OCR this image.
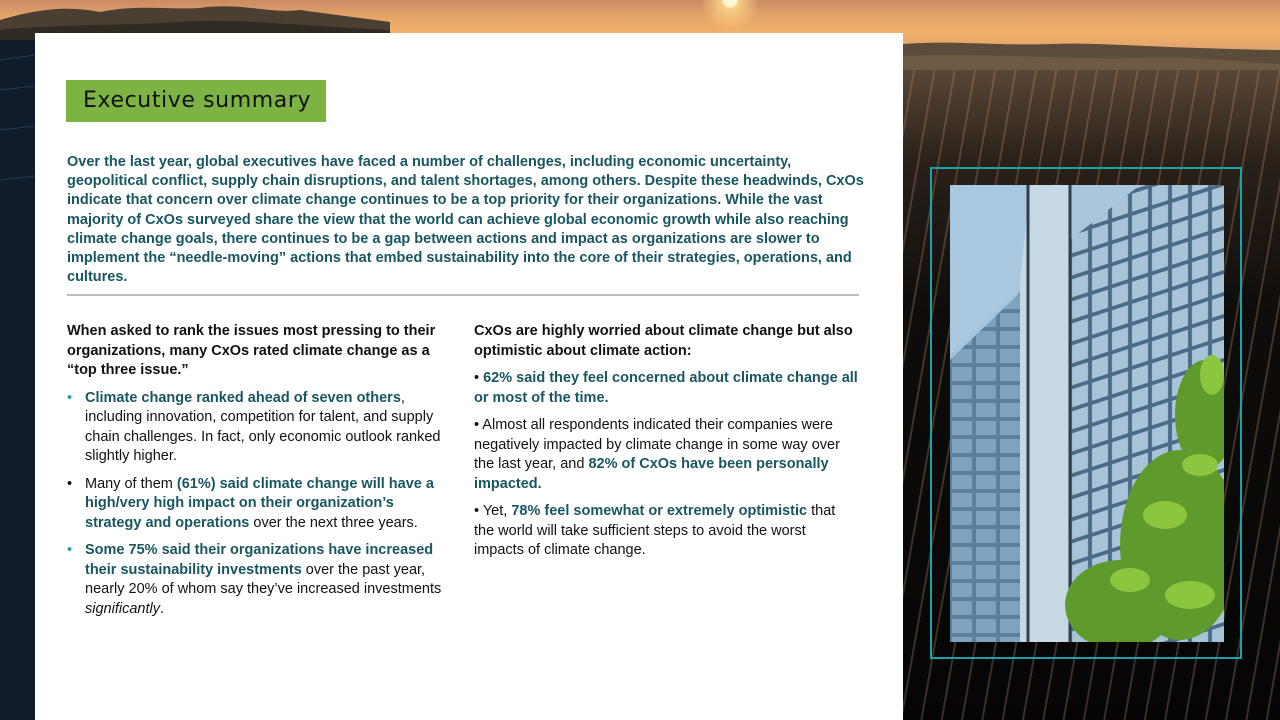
Executive summary

Over the last year, global executives have faced a number of challenges, including economic uncertainty, geopolitical conflict, supply chain disruptions, and talent shortages, among others. Despite these headwinds, CxOs indicate that concern over climate change continues to be a top priority for their organizations. While the vast majority of CxOs surveyed share the view that the world can achieve global economic growth while also reaching climate change goals, there continues to be a gap between actions and impact as organizations are slower to implement the “needle-moving” actions that embed sustainability into the core of their strategies, operations, and cultures.

When asked to rank the issues most pressing to their organizations, many CxOs rated climate change as a “top three issue.”

• Climate change ranked ahead of seven others, including innovation, competition for talent, and supply chain challenges. In fact, only economic outlook ranked slightly higher.
• Many of them (61%) said climate change will have a high/very high impact on their organization’s strategy and operations over the next three years.
• Some 75% said their organizations have increased their sustainability investments over the past year, nearly 20% of whom say they’ve increased investments significantly.

CxOs are highly worried about climate change but also optimistic about climate action:

• 62% said they feel concerned about climate change all or most of the time.

• Almost all respondents indicated their companies were negatively impacted by climate change in some way over the last year, and 82% of CxOs have been personally impacted.

• Yet, 78% feel somewhat or extremely optimistic that the world will take sufficient steps to avoid the worst impacts of climate change.
